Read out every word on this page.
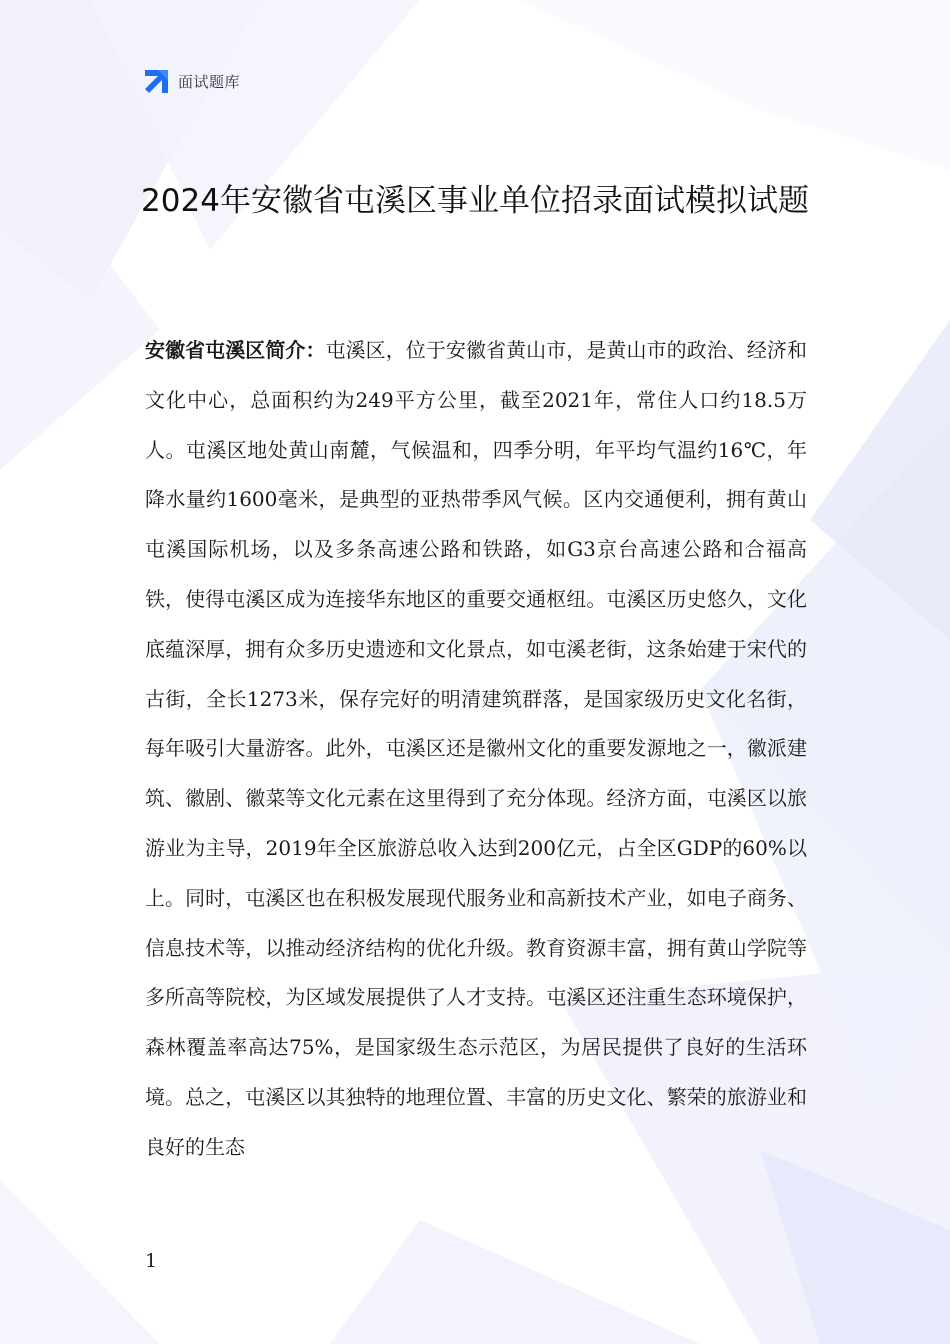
面试题库
2024年安徽省屯溪区事业单位招录面试模拟试题

安徽省屯溪区简介：屯溪区，位于安徽省黄山市，是黄山市的政治、经济和文化中心，总面积约为249平方公里，截至2021年，常住人口约18.5万人。屯溪区地处黄山南麓，气候温和，四季分明，年平均气温约16℃，年降水量约1600毫米，是典型的亚热带季风气候。区内交通便利，拥有黄山屯溪国际机场，以及多条高速公路和铁路，如G3京台高速公路和合福高铁，使得屯溪区成为连接华东地区的重要交通枢纽。屯溪区历史悠久，文化底蕴深厚，拥有众多历史遗迹和文化景点，如屯溪老街，这条始建于宋代的古街，全长1273米，保存完好的明清建筑群落，是国家级历史文化名街，每年吸引大量游客。此外，屯溪区还是徽州文化的重要发源地之一，徽派建筑、徽剧、徽菜等文化元素在这里得到了充分体现。经济方面，屯溪区以旅游业为主导，2019年全区旅游总收入达到200亿元，占全区GDP的60%以上。同时，屯溪区也在积极发展现代服务业和高新技术产业，如电子商务、信息技术等，以推动经济结构的优化升级。教育资源丰富，拥有黄山学院等多所高等院校，为区域发展提供了人才支持。屯溪区还注重生态环境保护，森林覆盖率高达75%，是国家级生态示范区，为居民提供了良好的生活环境。总之，屯溪区以其独特的地理位置、丰富的历史文化、繁荣的旅游业和良好的生态

1
